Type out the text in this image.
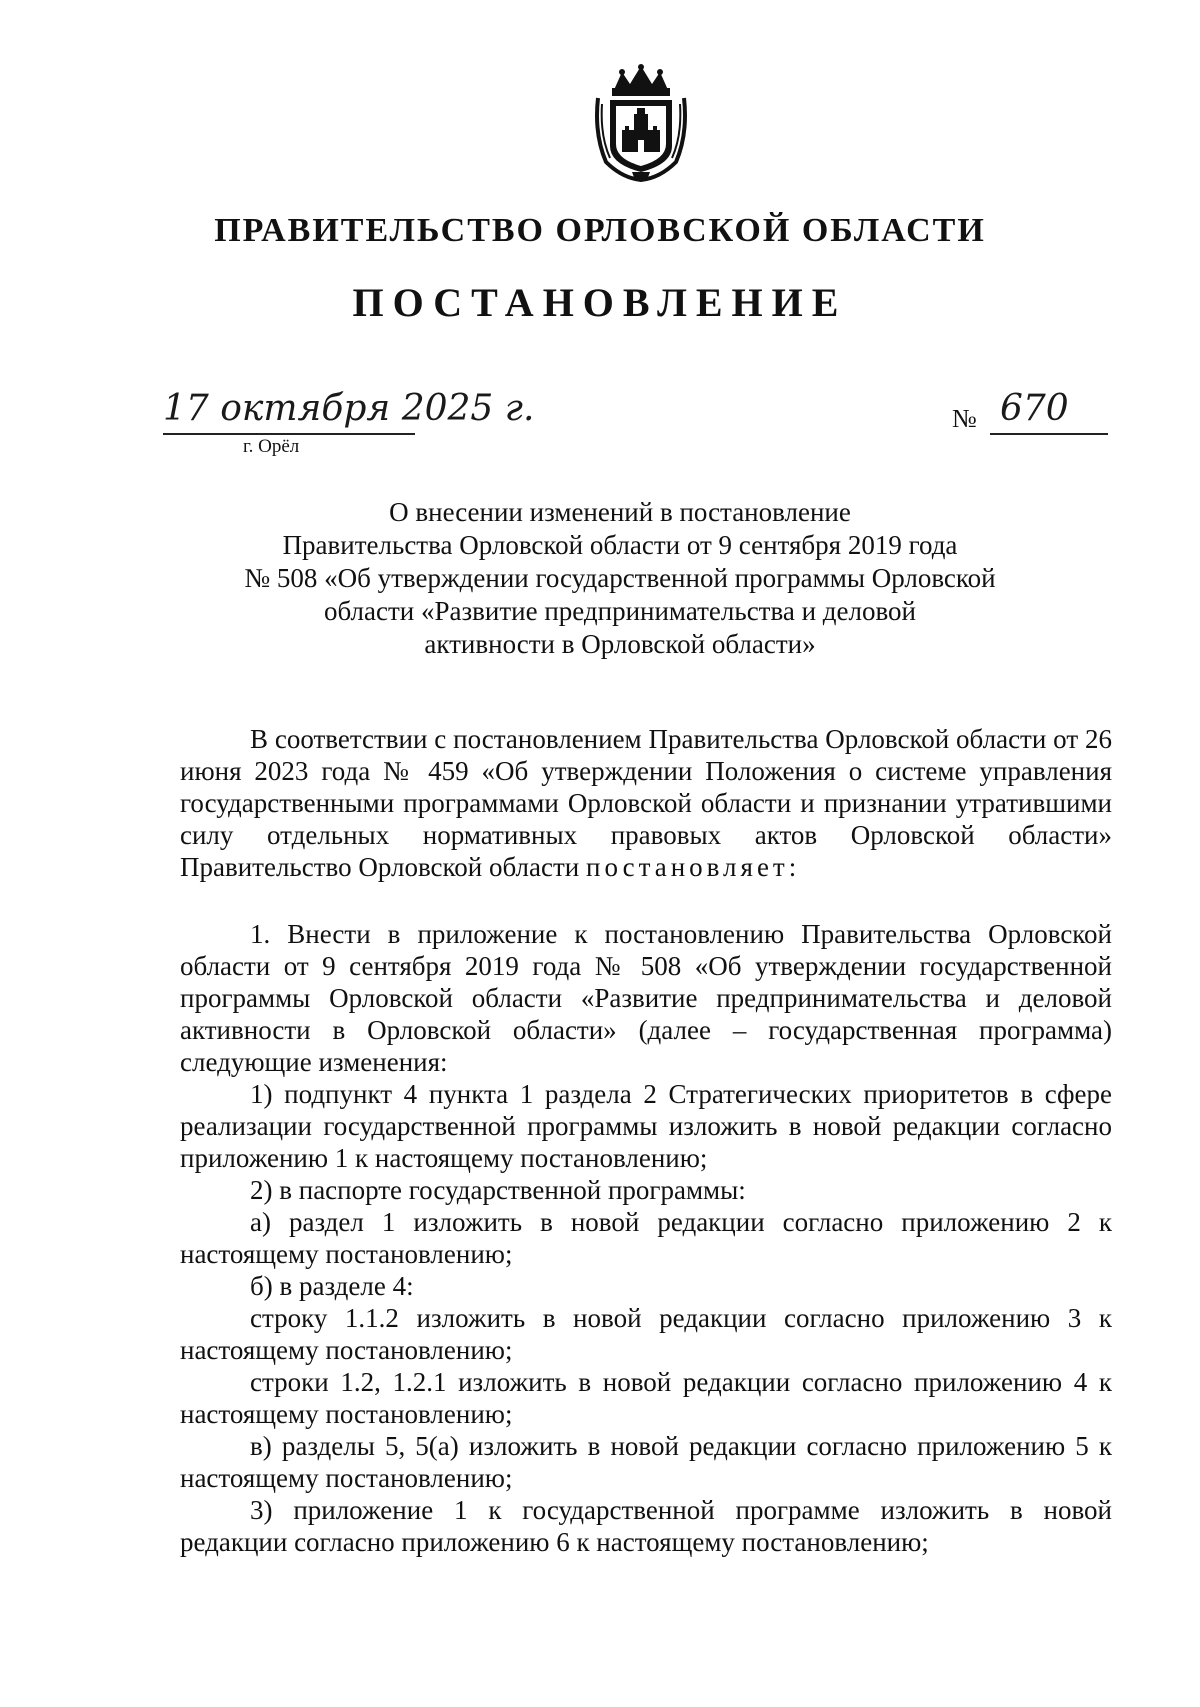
ПРАВИТЕЛЬСТВО ОРЛОВСКОЙ ОБЛАСТИ
ПОСТАНОВЛЕНИЕ
17 октября 2025 г.
г. Орёл
№ 670
О внесении изменений в постановление
Правительства Орловской области от 9 сентября 2019 года
№ 508 «Об утверждении государственной программы Орловской
области «Развитие предпринимательства и деловой
активности в Орловской области»

В соответствии с постановлением Правительства Орловской области от 26 июня 2023 года № 459 «Об утверждении Положения о системе управления государственными программами Орловской области и признании утратившими силу отдельных нормативных правовых актов Орловской области» Правительство Орловской области постановляет:

1. Внести в приложение к постановлению Правительства Орловской области от 9 сентября 2019 года № 508 «Об утверждении государственной программы Орловской области «Развитие предпринимательства и деловой активности в Орловской области» (далее – государственная программа) следующие изменения:

1) подпункт 4 пункта 1 раздела 2 Стратегических приоритетов в сфере реализации государственной программы изложить в новой редакции согласно приложению 1 к настоящему постановлению;

2) в паспорте государственной программы:

а) раздел 1 изложить в новой редакции согласно приложению 2 к настоящему постановлению;

б) в разделе 4:

строку 1.1.2 изложить в новой редакции согласно приложению 3 к настоящему постановлению;

строки 1.2, 1.2.1 изложить в новой редакции согласно приложению 4 к настоящему постановлению;

в) разделы 5, 5(а) изложить в новой редакции согласно приложению 5 к настоящему постановлению;

3) приложение 1 к государственной программе изложить в новой редакции согласно приложению 6 к настоящему постановлению;
